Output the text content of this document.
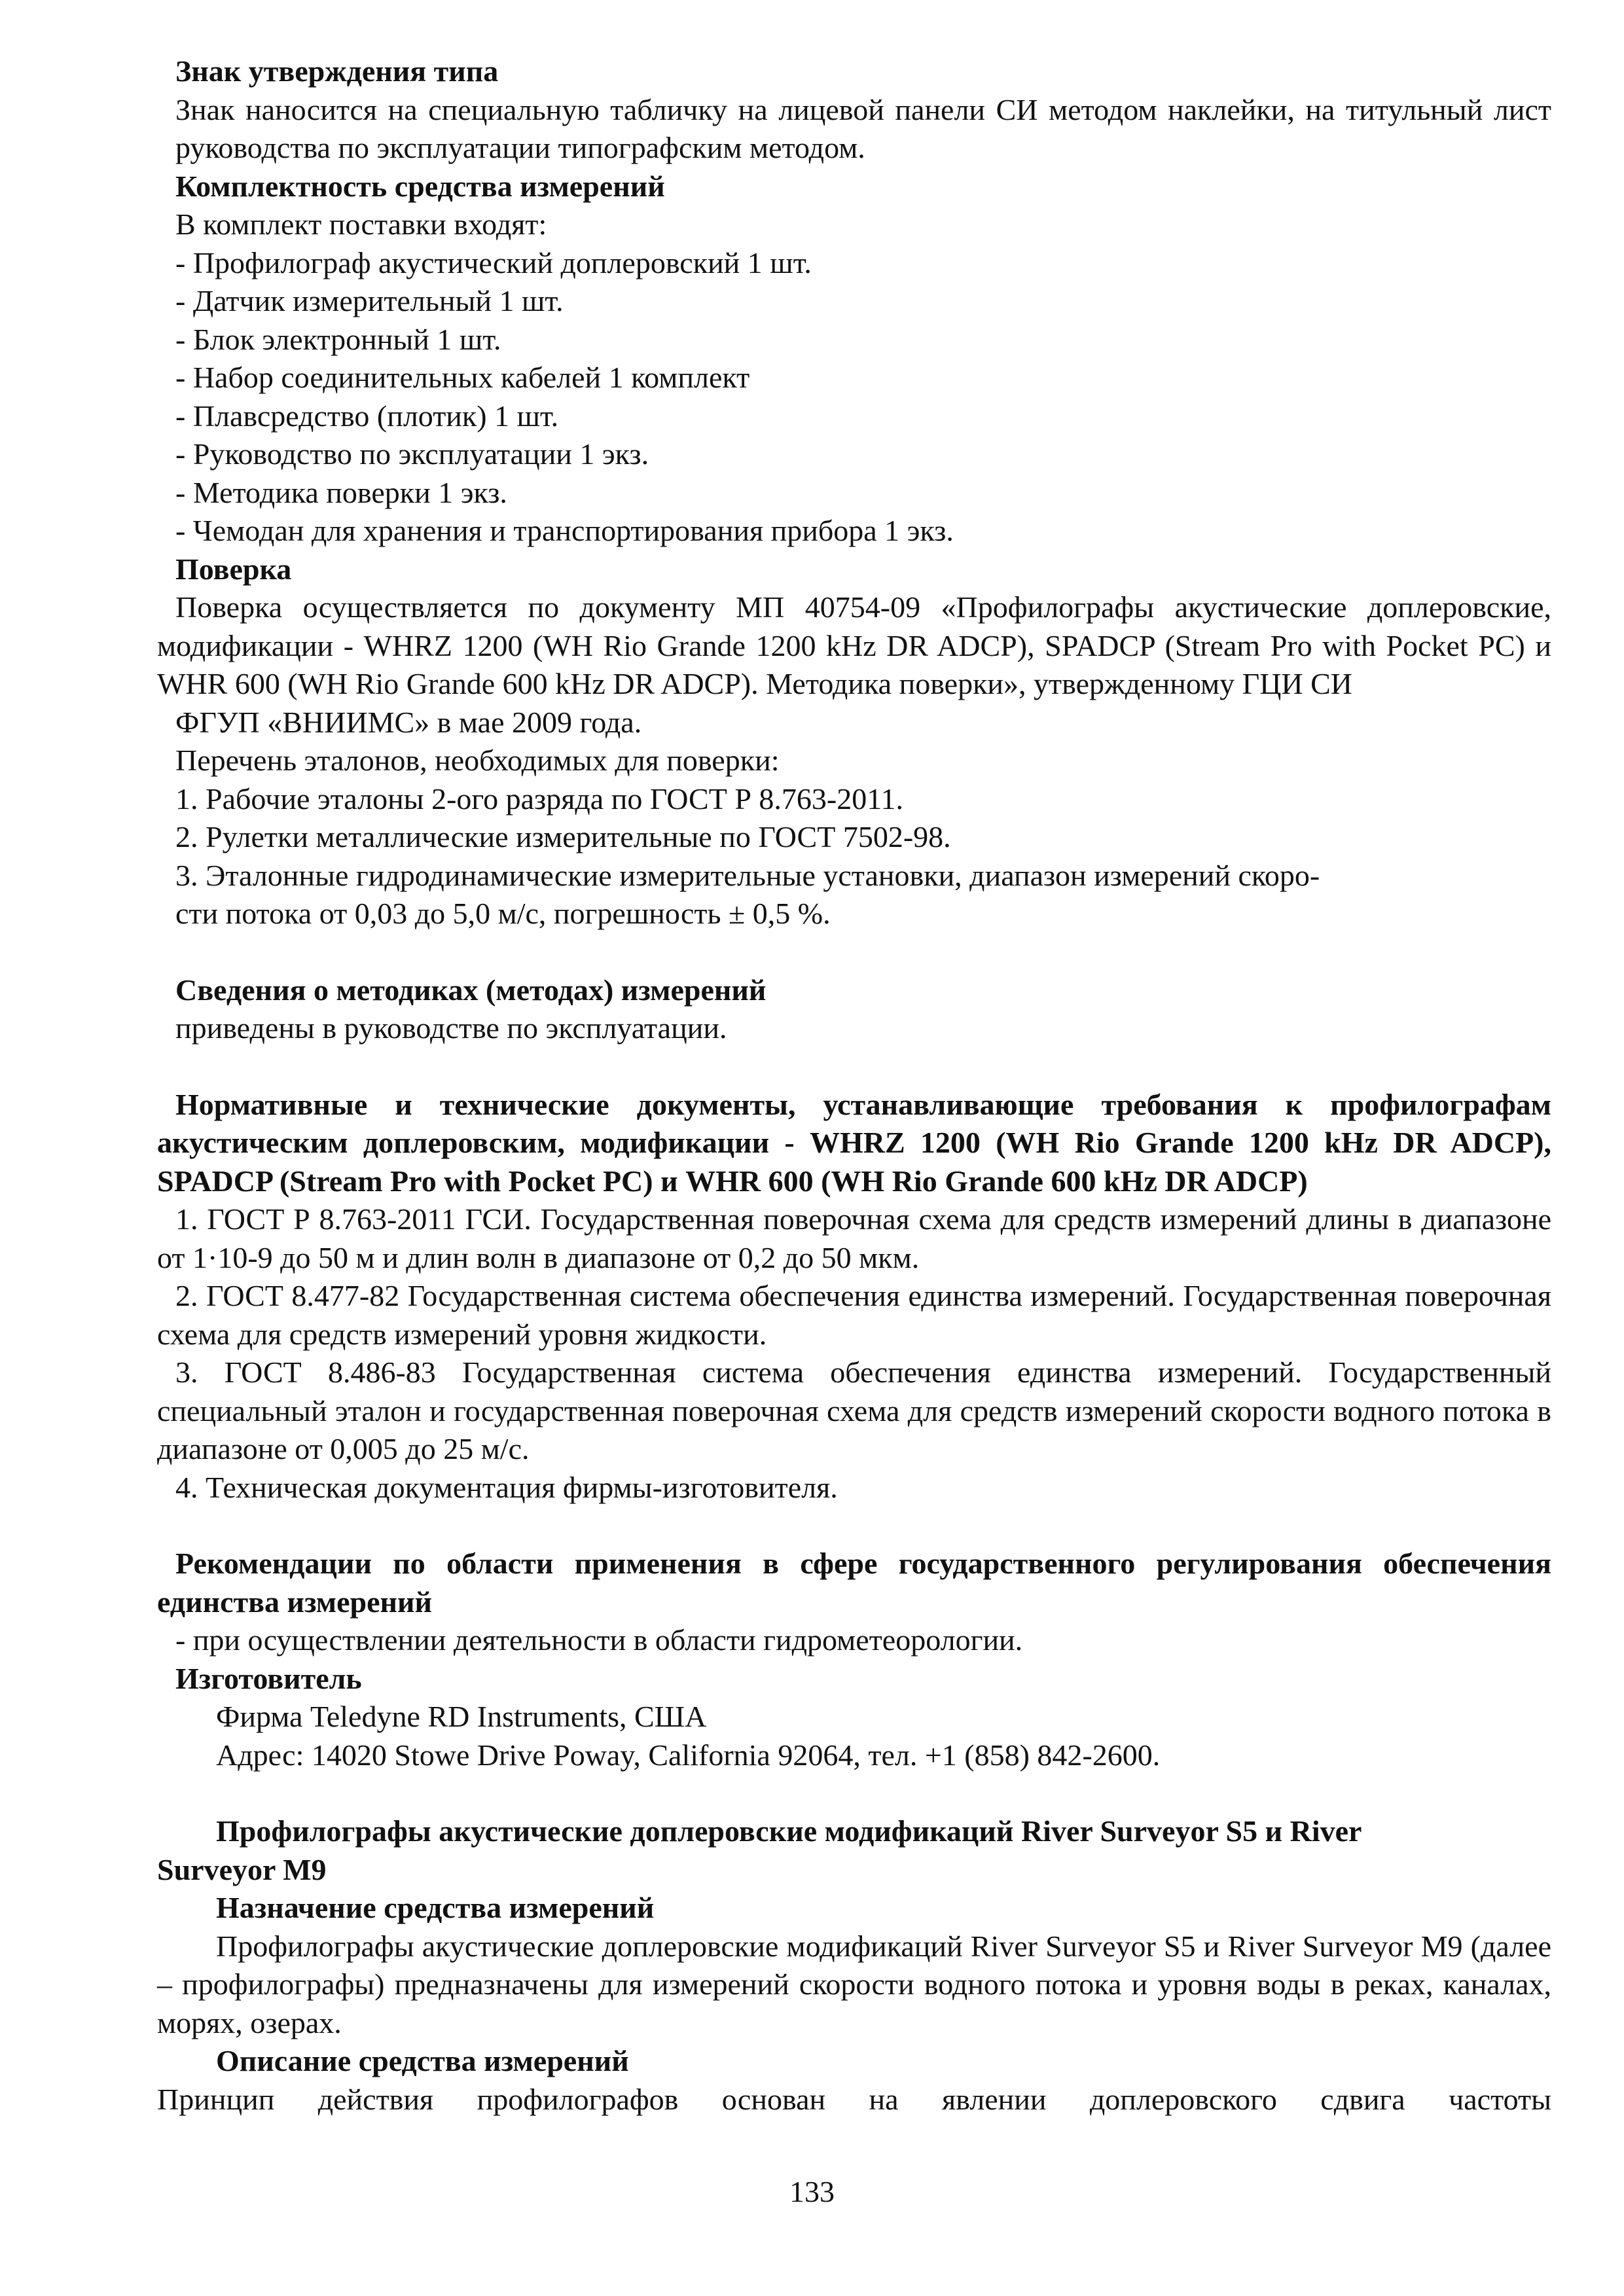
Знак утверждения типа

Знак наносится на специальную табличку на лицевой панели СИ методом наклейки, на титульный лист руководства по эксплуатации типографским методом.

Комплектность средства измерений

В комплект поставки входят:

- Профилограф акустический доплеровский 1 шт.

- Датчик измерительный 1 шт.

- Блок электронный 1 шт.

- Набор соединительных кабелей 1 комплект

- Плавсредство (плотик) 1 шт.

- Руководство по эксплуатации 1 экз.

- Методика поверки 1 экз.

- Чемодан для хранения и транспортирования прибора 1 экз.

Поверка

Поверка осуществляется по документу МП 40754-09 «Профилографы акустические доплеровские, модификации - WHRZ 1200 (WH Rio Grande 1200 kHz DR ADCP), SPADCP (Stream Pro with Pocket PC) и WHR 600 (WH Rio Grande 600 kHz DR ADCP). Методика поверки», утвержденному ГЦИ СИ

ФГУП «ВНИИМС» в мае 2009 года.

Перечень эталонов, необходимых для поверки:

1. Рабочие эталоны 2-ого разряда по ГОСТ Р 8.763-2011.

2. Рулетки металлические измерительные по ГОСТ 7502-98.

3. Эталонные гидродинамические измерительные установки, диапазон измерений скоро-

сти потока от 0,03 до 5,0 м/с, погрешность ± 0,5 %.

Сведения о методиках (методах) измерений

приведены в руководстве по эксплуатации.

Нормативные и технические документы, устанавливающие требования к профилографам акустическим доплеровским, модификации - WHRZ 1200 (WH Rio Grande 1200 kHz DR ADCP), SPADCP (Stream Pro with Pocket PC) и WHR 600 (WH Rio Grande 600 kHz DR ADCP)

1. ГОСТ Р 8.763-2011 ГСИ. Государственная поверочная схема для средств измерений длины в диапазоне от 1·10-9 до 50 м и длин волн в диапазоне от 0,2 до 50 мкм.

2. ГОСТ 8.477-82 Государственная система обеспечения единства измерений. Государственная поверочная схема для средств измерений уровня жидкости.

3. ГОСТ 8.486-83 Государственная система обеспечения единства измерений. Государственный специальный эталон и государственная поверочная схема для средств измерений скорости водного потока в диапазоне от 0,005 до 25 м/с.

4. Техническая документация фирмы-изготовителя.

Рекомендации по области применения в сфере государственного регулирования обеспечения единства измерений

- при осуществлении деятельности в области гидрометеорологии.

Изготовитель

Фирма Teledyne RD Instruments, США

Адрес: 14020 Stowe Drive Poway, California 92064, тел. +1 (858) 842-2600.

Профилографы акустические доплеровские модификаций River Surveyor S5 и River Surveyor M9
Назначение средства измерений

Профилографы акустические доплеровские модификаций River Surveyor S5 и River Surveyor M9 (далее – профилографы) предназначены для измерений скорости водного потока и уровня воды в реках, каналах, морях, озерах.

Описание средства измерений

Принцип действия профилографов основан на явлении доплеровского сдвига частоты

133
